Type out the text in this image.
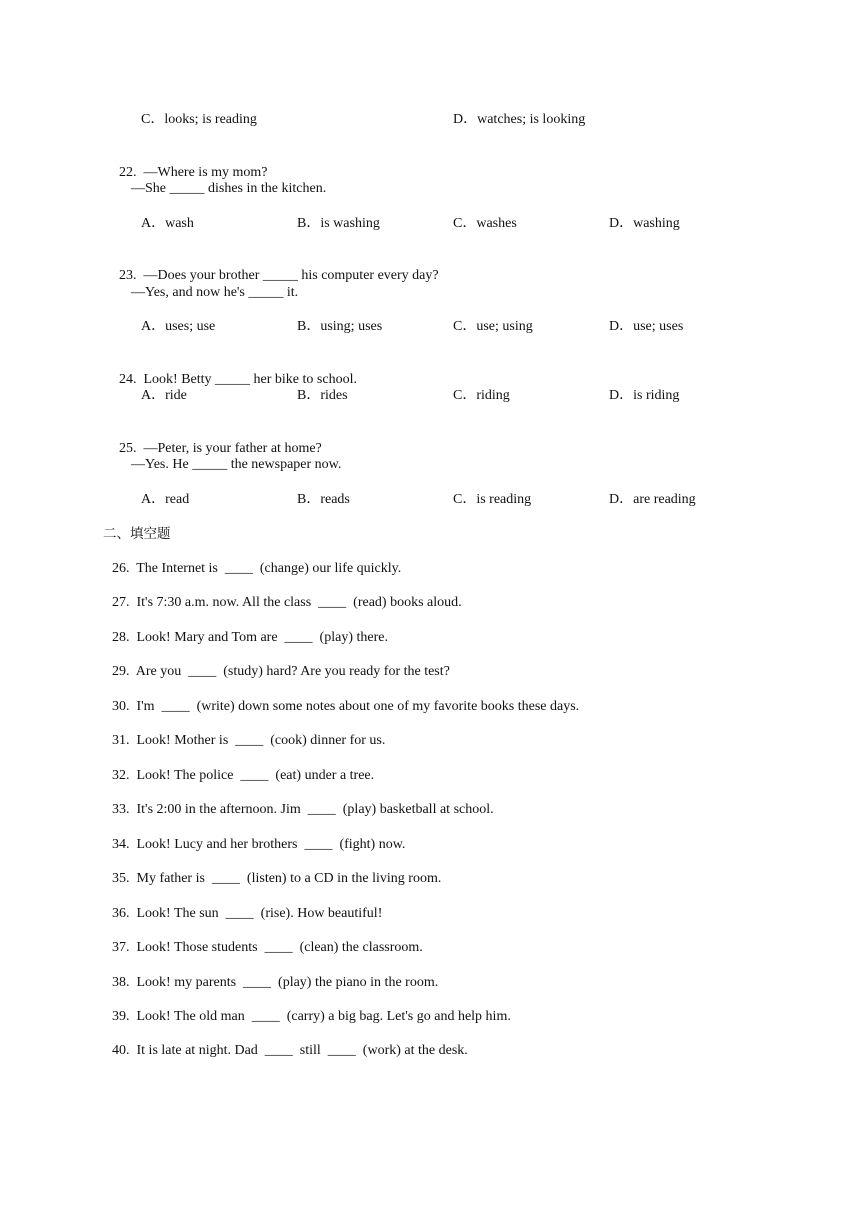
C．looks; is reading	D．watches; is looking

22. —Where is my mom?

—She _____ dishes in the kitchen.
A．wash	B．is washing	C．washes	D．washing

23. —Does your brother _____ his computer every day?

—Yes, and now he's _____ it.
A．uses; use	B．using; uses	C．use; using	D．use; uses

24. Look! Betty _____ her bike to school.

A．ride	B．rides	C．riding	D．is riding

25. —Peter, is your father at home?

—Yes. He _____ the newspaper now.
A．read	B．reads	C．is reading	D．are reading
二、填空题
26. The Internet is  ____  (change) our life quickly.
27. It's 7:30 a.m. now. All the class  ____  (read) books aloud.
28. Look! Mary and Tom are  ____  (play) there.
29. Are you  ____  (study) hard? Are you ready for the test?
30. I'm  ____  (write) down some notes about one of my favorite books these days.
31. Look! Mother is  ____  (cook) dinner for us.
32. Look! The police  ____  (eat) under a tree.
33. It's 2:00 in the afternoon. Jim  ____  (play) basketball at school.
34. Look! Lucy and her brothers  ____  (fight) now.
35. My father is  ____  (listen) to a CD in the living room.
36. Look! The sun  ____  (rise). How beautiful!
37. Look! Those students  ____  (clean) the classroom.
38. Look! my parents  ____  (play) the piano in the room.
39. Look! The old man  ____  (carry) a big bag. Let's go and help him.
40. It is late at night. Dad  ____  still  ____  (work) at the desk.
